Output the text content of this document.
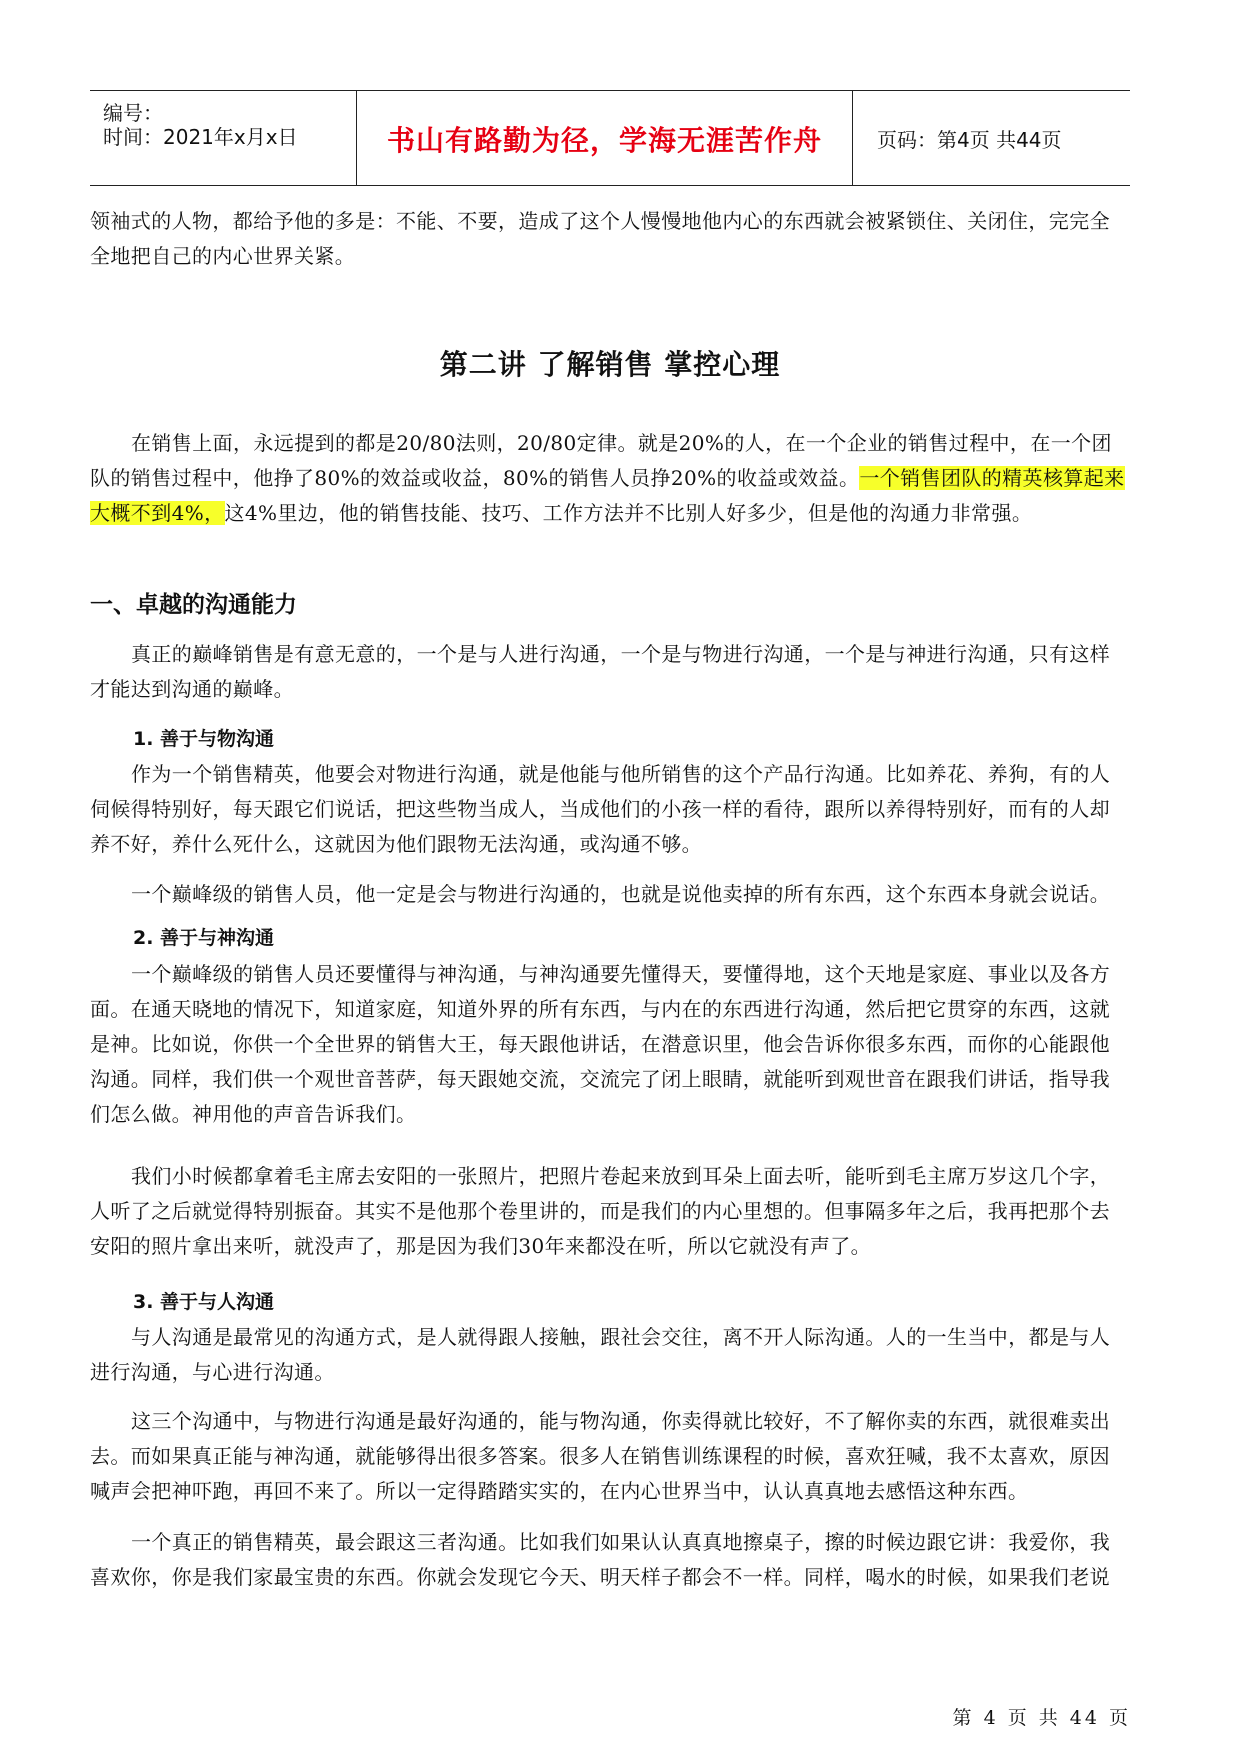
编号：
时间：2021年x月x日	书山有路勤为径，学海无涯苦作舟	页码：第4页 共44页

领袖式的人物，都给予他的多是：不能、不要，造成了这个人慢慢地他内心的东西就会被紧锁住、关闭住，完完全全地把自己的内心世界关紧。

第二讲 了解销售 掌控心理

在销售上面，永远提到的都是20/80法则，20/80定律。就是20%的人，在一个企业的销售过程中，在一个团队的销售过程中，他挣了80%的效益或收益，80%的销售人员挣20%的收益或效益。一个销售团队的精英核算起来大概不到4%，这4%里边，他的销售技能、技巧、工作方法并不比别人好多少，但是他的沟通力非常强。

一、卓越的沟通能力

真正的巅峰销售是有意无意的，一个是与人进行沟通，一个是与物进行沟通，一个是与神进行沟通，只有这样才能达到沟通的巅峰。

1. 善于与物沟通

作为一个销售精英，他要会对物进行沟通，就是他能与他所销售的这个产品行沟通。比如养花、养狗，有的人伺候得特别好，每天跟它们说话，把这些物当成人，当成他们的小孩一样的看待，跟所以养得特别好，而有的人却养不好，养什么死什么，这就因为他们跟物无法沟通，或沟通不够。

一个巅峰级的销售人员，他一定是会与物进行沟通的，也就是说他卖掉的所有东西，这个东西本身就会说话。

2. 善于与神沟通

一个巅峰级的销售人员还要懂得与神沟通，与神沟通要先懂得天，要懂得地，这个天地是家庭、事业以及各方面。在通天晓地的情况下，知道家庭，知道外界的所有东西，与内在的东西进行沟通，然后把它贯穿的东西，这就是神。比如说，你供一个全世界的销售大王，每天跟他讲话，在潜意识里，他会告诉你很多东西，而你的心能跟他沟通。同样，我们供一个观世音菩萨，每天跟她交流，交流完了闭上眼睛，就能听到观世音在跟我们讲话，指导我们怎么做。神用他的声音告诉我们。

我们小时候都拿着毛主席去安阳的一张照片，把照片卷起来放到耳朵上面去听，能听到毛主席万岁这几个字，人听了之后就觉得特别振奋。其实不是他那个卷里讲的，而是我们的内心里想的。但事隔多年之后，我再把那个去安阳的照片拿出来听，就没声了，那是因为我们30年来都没在听，所以它就没有声了。

3. 善于与人沟通

与人沟通是最常见的沟通方式，是人就得跟人接触，跟社会交往，离不开人际沟通。人的一生当中，都是与人进行沟通，与心进行沟通。

这三个沟通中，与物进行沟通是最好沟通的，能与物沟通，你卖得就比较好，不了解你卖的东西，就很难卖出去。而如果真正能与神沟通，就能够得出很多答案。很多人在销售训练课程的时候，喜欢狂喊，我不太喜欢，原因喊声会把神吓跑，再回不来了。所以一定得踏踏实实的，在内心世界当中，认认真真地去感悟这种东西。

一个真正的销售精英，最会跟这三者沟通。比如我们如果认认真真地擦桌子，擦的时候边跟它讲：我爱你，我喜欢你，你是我们家最宝贵的东西。你就会发现它今天、明天样子都会不一样。同样，喝水的时候，如果我们老说

第 4 页 共 44 页
